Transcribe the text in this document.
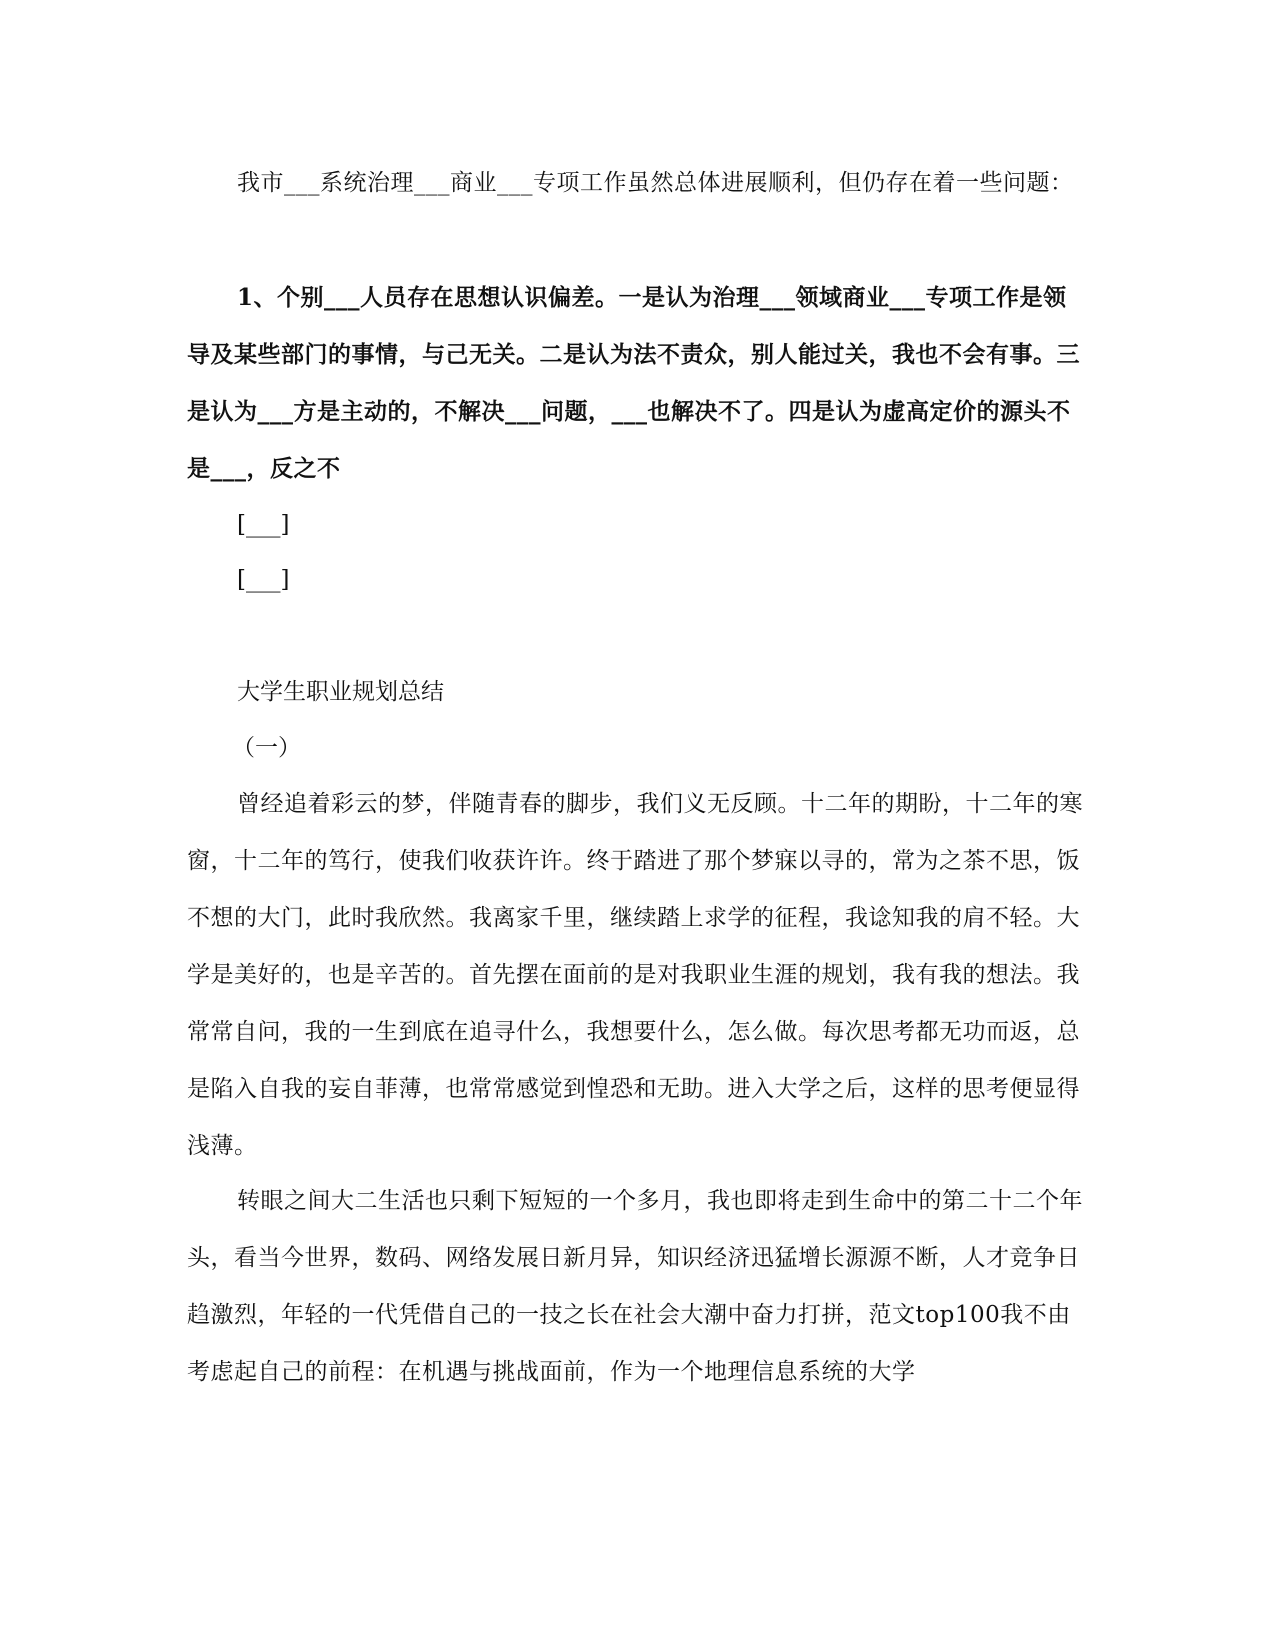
我市___系统治理___商业___专项工作虽然总体进展顺利，但仍存在着一些问题：

1、个别___人员存在思想认识偏差。一是认为治理___领域商业___专项工作是领导及某些部门的事情，与己无关。二是认为法不责众，别人能过关，我也不会有事。三是认为___方是主动的，不解决___问题，___也解决不了。四是认为虚高定价的源头不是___，反之不

[___]

[___]

大学生职业规划总结

（一）

曾经追着彩云的梦，伴随青春的脚步，我们义无反顾。十二年的期盼，十二年的寒窗，十二年的笃行，使我们收获许许。终于踏进了那个梦寐以寻的，常为之茶不思，饭不想的大门，此时我欣然。我离家千里，继续踏上求学的征程，我谂知我的肩不轻。大学是美好的，也是辛苦的。首先摆在面前的是对我职业生涯的规划，我有我的想法。我常常自问，我的一生到底在追寻什么，我想要什么，怎么做。每次思考都无功而返，总是陷入自我的妄自菲薄，也常常感觉到惶恐和无助。进入大学之后，这样的思考便显得浅薄。

转眼之间大二生活也只剩下短短的一个多月，我也即将走到生命中的第二十二个年头，看当今世界，数码、网络发展日新月异，知识经济迅猛增长源源不断，人才竞争日趋激烈，年轻的一代凭借自己的一技之长在社会大潮中奋力打拼，范文top100我不由考虑起自己的前程：在机遇与挑战面前，作为一个地理信息系统的大学
